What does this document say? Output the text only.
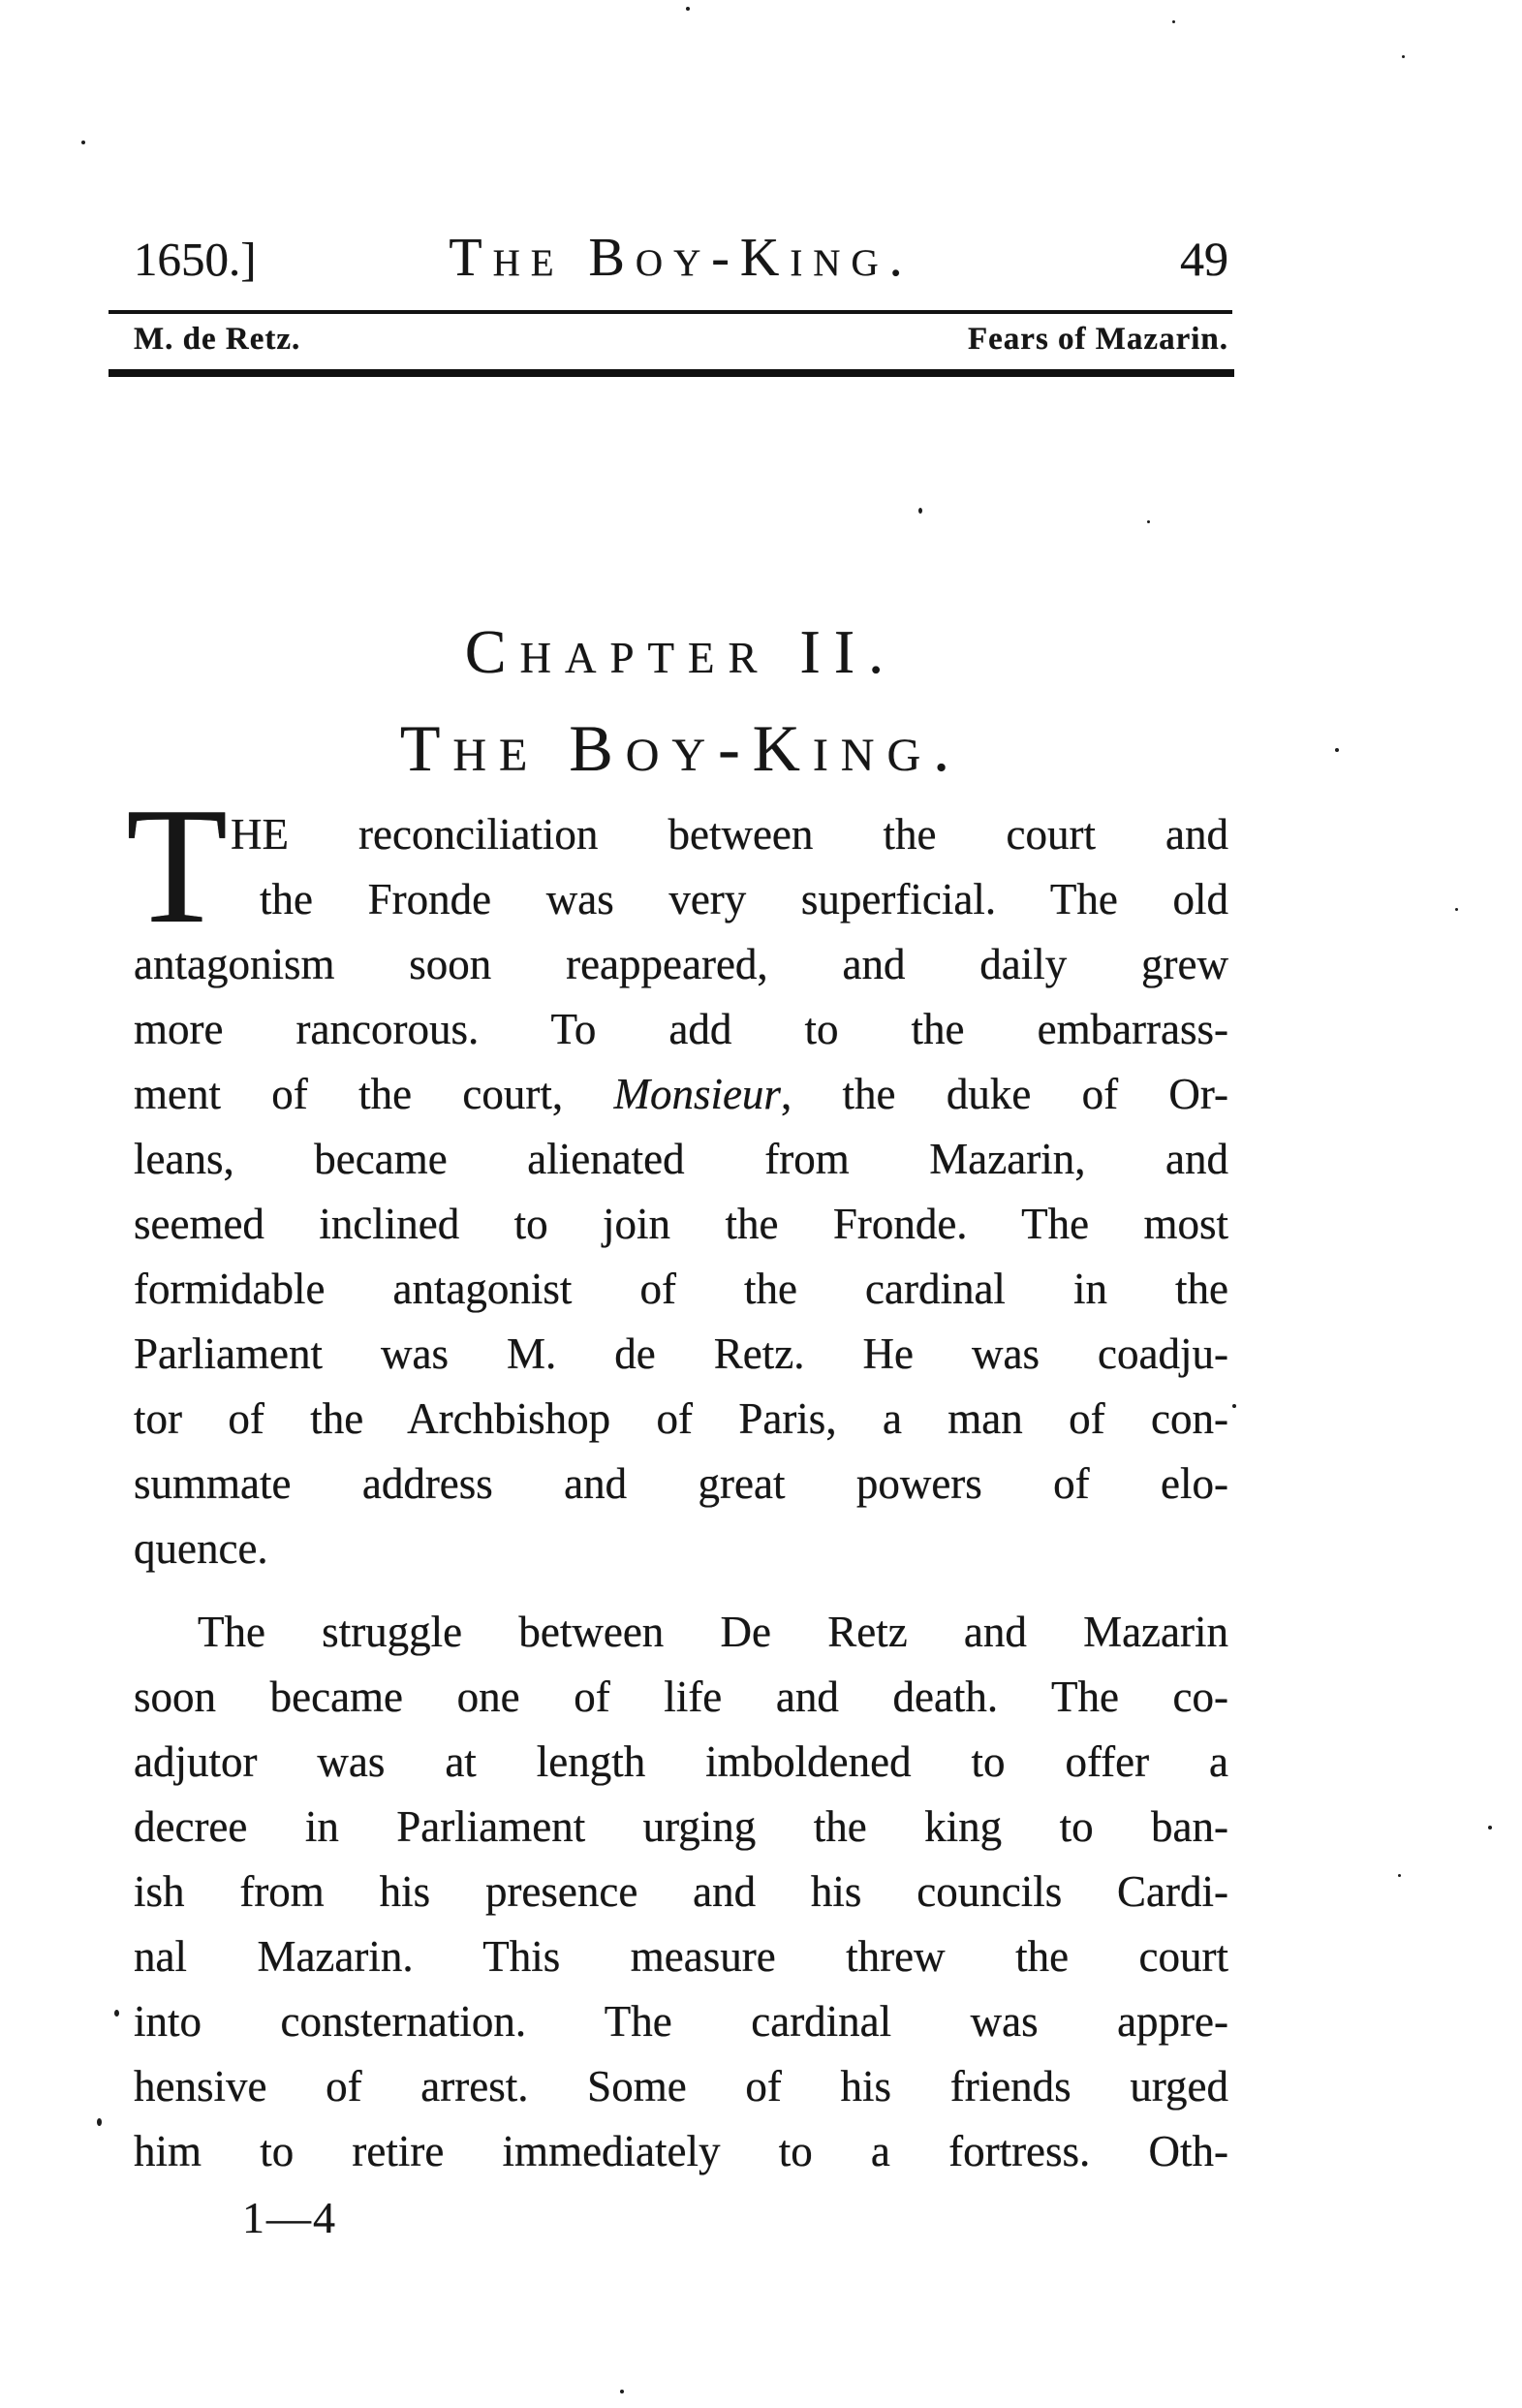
1650.]	The Boy-King.	49
M. de Retz.	Fears of Mazarin.
Chapter II.
The Boy-King.
T HE reconciliation between the court and
the Fronde was very superficial. The old
antagonism soon reappeared, and daily grew
more rancorous. To add to the embarrass-
ment of the court, Monsieur, the duke of Or-
leans, became alienated from Mazarin, and
seemed inclined to join the Fronde. The most
formidable antagonist of the cardinal in the
Parliament was M. de Retz. He was coadju-
tor of the Archbishop of Paris, a man of con-
summate address and great powers of elo-
quence.
The struggle between De Retz and Mazarin
soon became one of life and death. The co-
adjutor was at length imboldened to offer a
decree in Parliament urging the king to ban-
ish from his presence and his councils Cardi-
nal Mazarin. This measure threw the court
into consternation. The cardinal was appre-
hensive of arrest. Some of his friends urged
him to retire immediately to a fortress. Oth-
1—4
